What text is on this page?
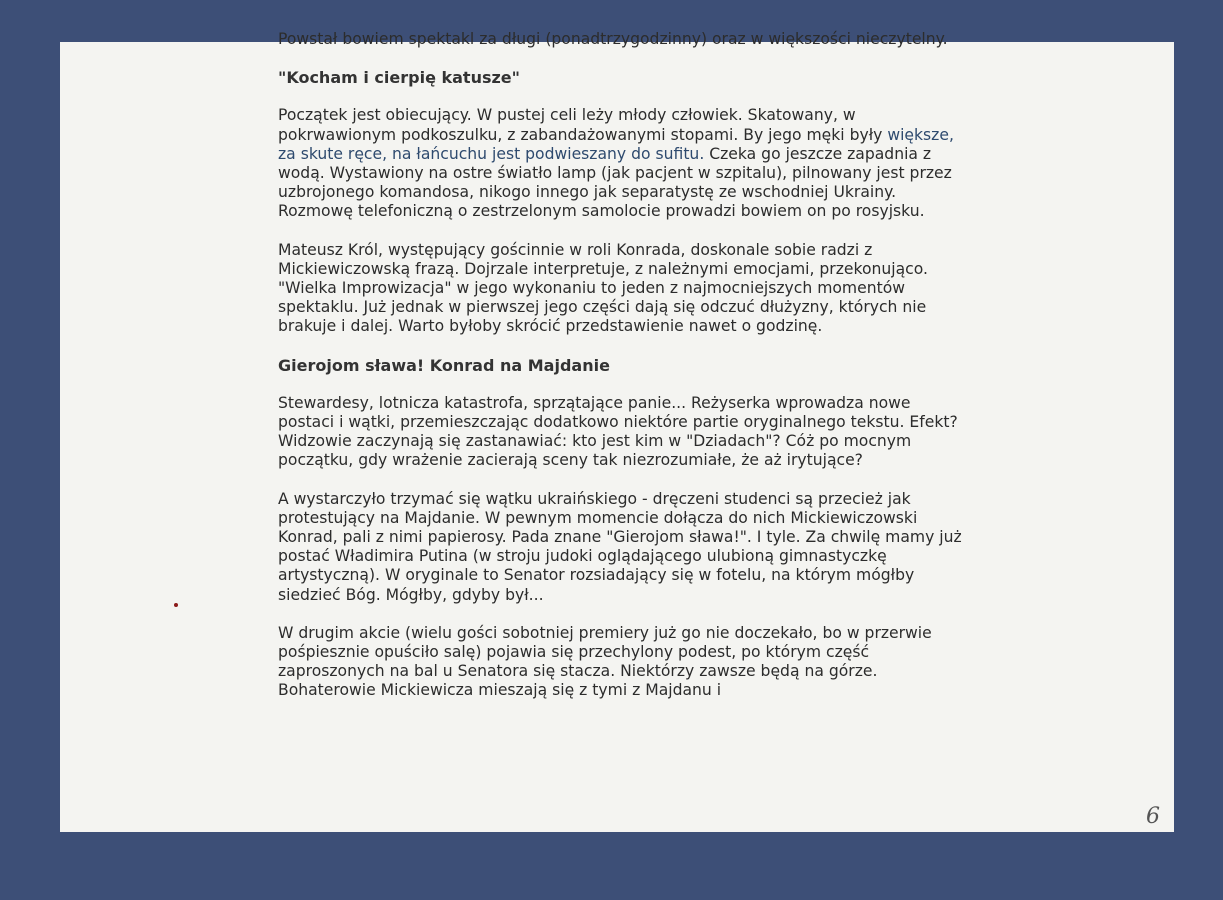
Powstał bowiem spektakl za długi (ponadtrzygodzinny) oraz w większości nieczytelny.

"Kocham i cierpię katusze"

Początek jest obiecujący. W pustej celi leży młody człowiek. Skatowany, w pokrwawionym podkoszulku, z zabandażowanymi stopami. By jego męki były większe, za skute ręce, na łańcuchu jest podwieszany do sufitu. Czeka go jeszcze zapadnia z wodą. Wystawiony na ostre światło lamp (jak pacjent w szpitalu), pilnowany jest przez uzbrojonego komandosa, nikogo innego jak separatystę ze wschodniej Ukrainy. Rozmowę telefoniczną o zestrzelonym samolocie prowadzi bowiem on po rosyjsku.

Mateusz Król, występujący gościnnie w roli Konrada, doskonale sobie radzi z Mickiewiczowską frazą. Dojrzale interpretuje, z należnymi emocjami, przekonująco. "Wielka Improwizacja" w jego wykonaniu to jeden z najmocniejszych momentów spektaklu. Już jednak w pierwszej jego części dają się odczuć dłużyzny, których nie brakuje i dalej. Warto byłoby skrócić przedstawienie nawet o godzinę.

Gierojom sława! Konrad na Majdanie

Stewardesy, lotnicza katastrofa, sprzątające panie... Reżyserka wprowadza nowe postaci i wątki, przemieszczając dodatkowo niektóre partie oryginalnego tekstu. Efekt? Widzowie zaczynają się zastanawiać: kto jest kim w "Dziadach"? Cóż po mocnym początku, gdy wrażenie zacierają sceny tak niezrozumiałe, że aż irytujące?

A wystarczyło trzymać się wątku ukraińskiego - dręczeni studenci są przecież jak protestujący na Majdanie. W pewnym momencie dołącza do nich Mickiewiczowski Konrad, pali z nimi papierosy. Pada znane "Gierojom sława!". I tyle. Za chwilę mamy już postać Władimira Putina (w stroju judoki oglądającego ulubioną gimnastyczkę artystyczną). W oryginale to Senator rozsiadający się w fotelu, na którym mógłby siedzieć Bóg. Mógłby, gdyby był...

W drugim akcie (wielu gości sobotniej premiery już go nie doczekało, bo w przerwie pośpiesznie opuściło salę) pojawia się przechylony podest, po którym część zaproszonych na bal u Senatora się stacza. Niektórzy zawsze będą na górze. Bohaterowie Mickiewicza mieszają się z tymi z Majdanu i

6
